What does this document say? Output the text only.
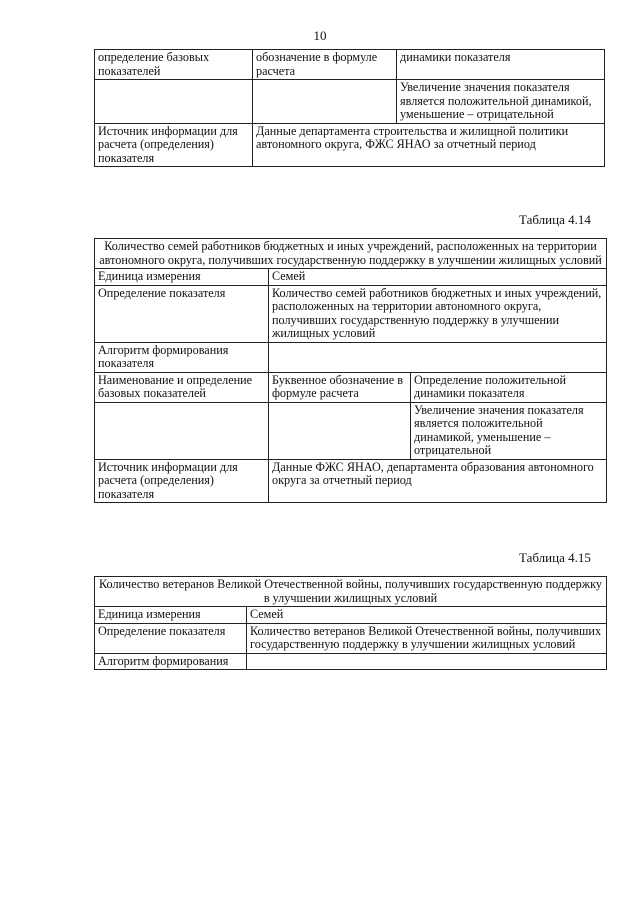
10
определение базовых показателей	обозначение в формуле расчета	динамики показателя
		Увеличение значения показателя является положительной динамикой, уменьшение – отрицательной
Источник информации для расчета (определения) показателя	Данные департамента строительства и жилищной политики автономного округа, ФЖС ЯНАО за отчетный период	
Таблица 4.14
Количество семей работников бюджетных и иных учреждений, расположенных на территории автономного округа, получивших государственную поддержку в улучшении жилищных условий		
Единица измерения	Семей	
Определение показателя	Количество семей работников бюджетных и иных учреждений, расположенных на территории автономного округа, получивших государственную поддержку в улучшении жилищных условий	
Алгоритм формирования показателя		
Наименование и определение базовых показателей	Буквенное обозначение в формуле расчета	Определение положительной динамики показателя
		Увеличение значения показателя является положительной динамикой, уменьшение – отрицательной
Источник информации для расчета (определения) показателя	Данные ФЖС ЯНАО, департамента образования автономного округа за отчетный период	
Таблица 4.15
Количество ветеранов Великой Отечественной войны, получивших государственную поддержку в улучшении жилищных условий	
Единица измерения	Семей
Определение показателя	Количество ветеранов Великой Отечественной войны, получивших государственную поддержку в улучшении жилищных условий
Алгоритм формирования	
